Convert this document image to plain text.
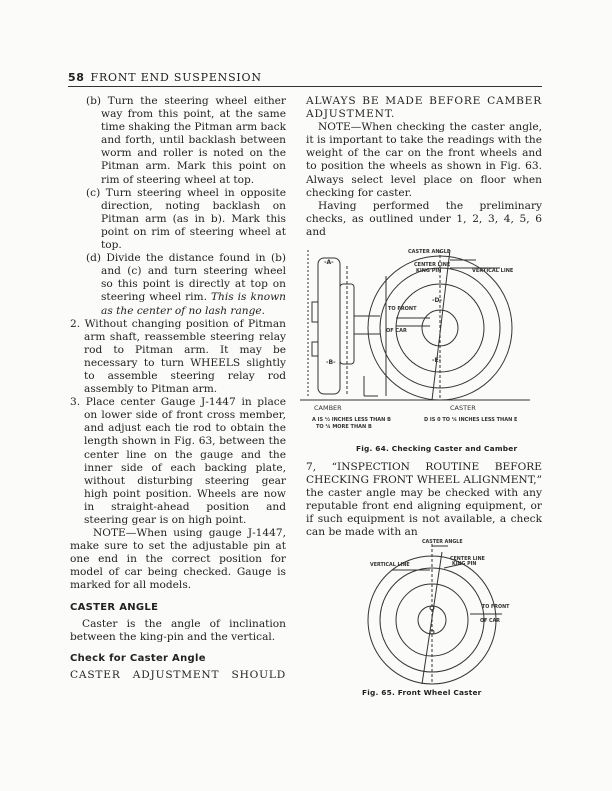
58 FRONT END SUSPENSION

(b) Turn the steering wheel either way from this point, at the same time shaking the Pitman arm back and forth, until backlash between worm and roller is noted on the Pitman arm. Mark this point on rim of steering wheel at top.

(c) Turn steering wheel in opposite direction, noting backlash on Pitman arm (as in b). Mark this point on rim of steering wheel at top.

(d) Divide the distance found in (b) and (c) and turn steering wheel so this point is directly at top on steering wheel rim. This is known as the center of no lash range.

2. Without changing position of Pitman arm shaft, reassemble steering relay rod to Pitman arm. It may be necessary to turn WHEELS slightly to assemble steering relay rod assembly to Pitman arm.

3. Place center Gauge J-1447 in place on lower side of front cross member, and adjust each tie rod to obtain the length shown in Fig. 63, between the center line on the gauge and the inner side of each backing plate, without disturbing steering gear high point position. Wheels are now in straight-ahead position and steering gear is on high point.

NOTE—When using gauge J-1447, make sure to set the adjustable pin at one end in the correct position for model of car being checked. Gauge is marked for all models.

CASTER ANGLE

Caster is the angle of inclination between the king-pin and the vertical.

Check for Caster Angle

CASTER ADJUSTMENT SHOULD

ALWAYS BE MADE BEFORE CAMBER ADJUSTMENT.

NOTE—When checking the caster angle, it is important to take the readings with the weight of the car on the front wheels and to position the wheels as shown in Fig. 63. Always select level place on floor when checking for caster.

Having performed the preliminary checks, as outlined under 1, 2, 3, 4, 5, 6 and

CASTER ANGLE
CENTER LINE
KING PIN	VERTICAL LINE
TO FRONT
OF CAR
-A-
-B-
-D-
-E-
CAMBER	CASTER
A IS ½ INCHES LESS THAN B
TO ¼ MORE THAN B
D IS 0 TO ¼ INCHES LESS THAN E
Fig. 64. Checking Caster and Camber

7, “INSPECTION ROUTINE BEFORE CHECKING FRONT WHEEL ALIGNMENT,” the caster angle may be checked with any reputable front end aligning equipment, or if such equipment is not available, a check can be made with an

CASTER ANGLE
CENTER LINE
KING PIN
VERTICAL LINE
TO FRONT
OF CAR
Fig. 65. Front Wheel Caster
